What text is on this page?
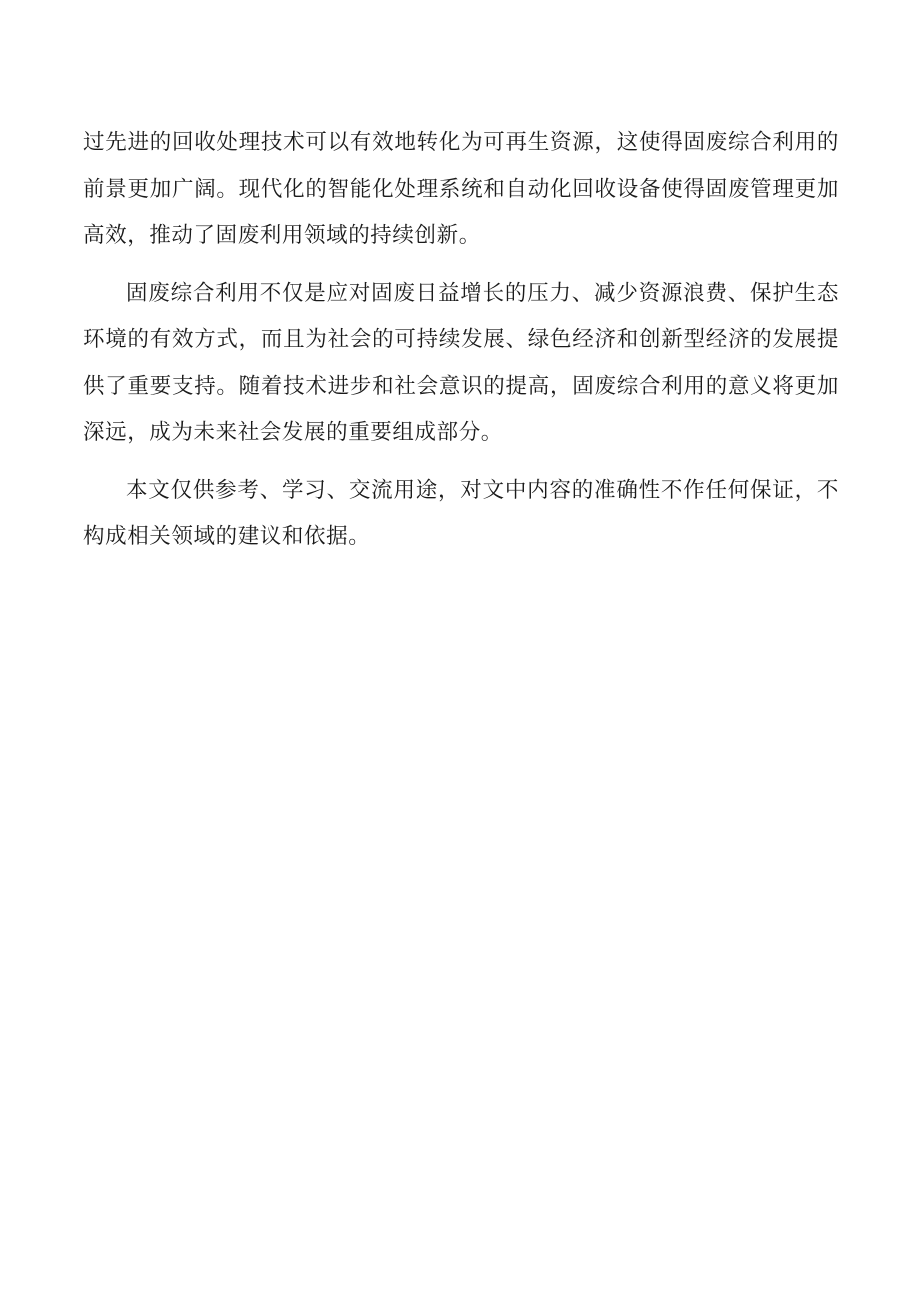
过先进的回收处理技术可以有效地转化为可再生资源，这使得固废综合利用的前景更加广阔。现代化的智能化处理系统和自动化回收设备使得固废管理更加高效，推动了固废利用领域的持续创新。

固废综合利用不仅是应对固废日益增长的压力、减少资源浪费、保护生态环境的有效方式，而且为社会的可持续发展、绿色经济和创新型经济的发展提供了重要支持。随着技术进步和社会意识的提高，固废综合利用的意义将更加深远，成为未来社会发展的重要组成部分。

本文仅供参考、学习、交流用途，对文中内容的准确性不作任何保证，不构成相关领域的建议和依据。
